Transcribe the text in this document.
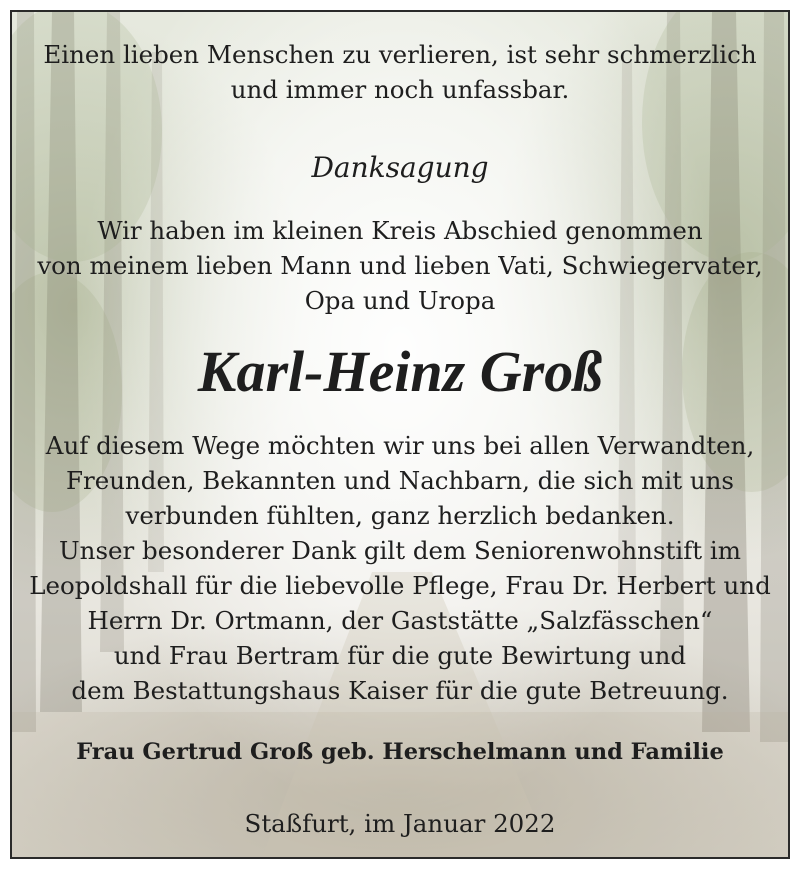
Einen lieben Menschen zu verlieren, ist sehr schmerzlich
und immer noch unfassbar.
Danksagung
Wir haben im kleinen Kreis Abschied genommen
von meinem lieben Mann und lieben Vati, Schwiegervater,
Opa und Uropa
Karl-Heinz Groß
Auf diesem Wege möchten wir uns bei allen Verwandten,
Freunden, Bekannten und Nachbarn, die sich mit uns
verbunden fühlten, ganz herzlich bedanken.
Unser besonderer Dank gilt dem Seniorenwohnstift im
Leopoldshall für die liebevolle Pflege, Frau Dr. Herbert und
Herrn Dr. Ortmann, der Gaststätte „Salzfässchen“
und Frau Bertram für die gute Bewirtung und
dem Bestattungshaus Kaiser für die gute Betreuung.
Frau Gertrud Groß geb. Herschelmann und Familie
Staßfurt, im Januar 2022
